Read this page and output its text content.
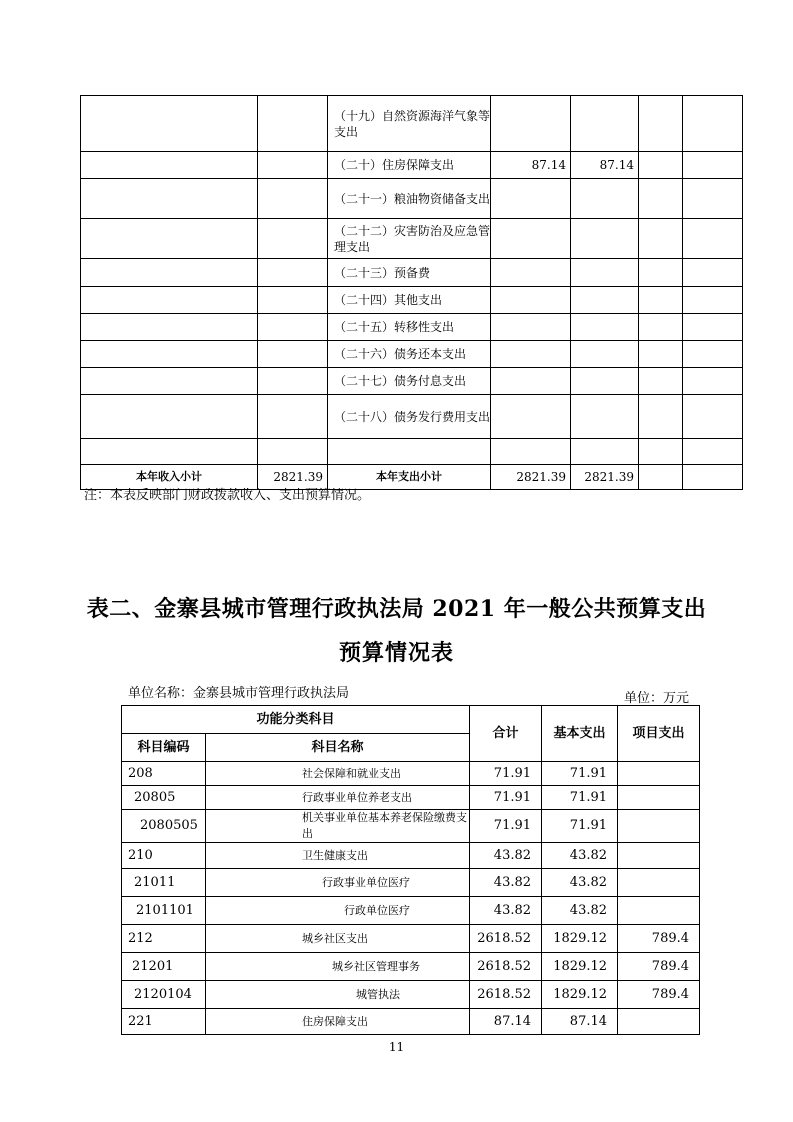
		（十九）自然资源海洋气象等支出				
		（二十）住房保障支出	87.14	87.14		
		（二十一）粮油物资储备支出				
		（二十二）灾害防治及应急管理支出				
		（二十三）预备费				
		（二十四）其他支出				
		（二十五）转移性支出				
		（二十六）债务还本支出				
		（二十七）债务付息支出				
		（二十八）债务发行费用支出				

本年收入小计	2821.39	本年支出小计	2821.39	2821.39		
注：本表反映部门财政拨款收入、支出预算情况。
表二、金寨县城市管理行政执法局 2021 年一般公共预算支出
预算情况表
单位名称：金寨县城市管理行政执法局	单位：万元
功能分类科目		合计	基本支出	项目支出
科目编码	科目名称			
208	社会保障和就业支出	71.91	71.91	
20805	行政事业单位养老支出	71.91	71.91	
2080505	机关事业单位基本养老保险缴费支出	71.91	71.91	
210	卫生健康支出	43.82	43.82	
21011	行政事业单位医疗	43.82	43.82	
2101101	行政单位医疗	43.82	43.82	
212	城乡社区支出	2618.52	1829.12	789.4
21201	城乡社区管理事务	2618.52	1829.12	789.4
2120104	城管执法	2618.52	1829.12	789.4
221	住房保障支出	87.14	87.14	
11
